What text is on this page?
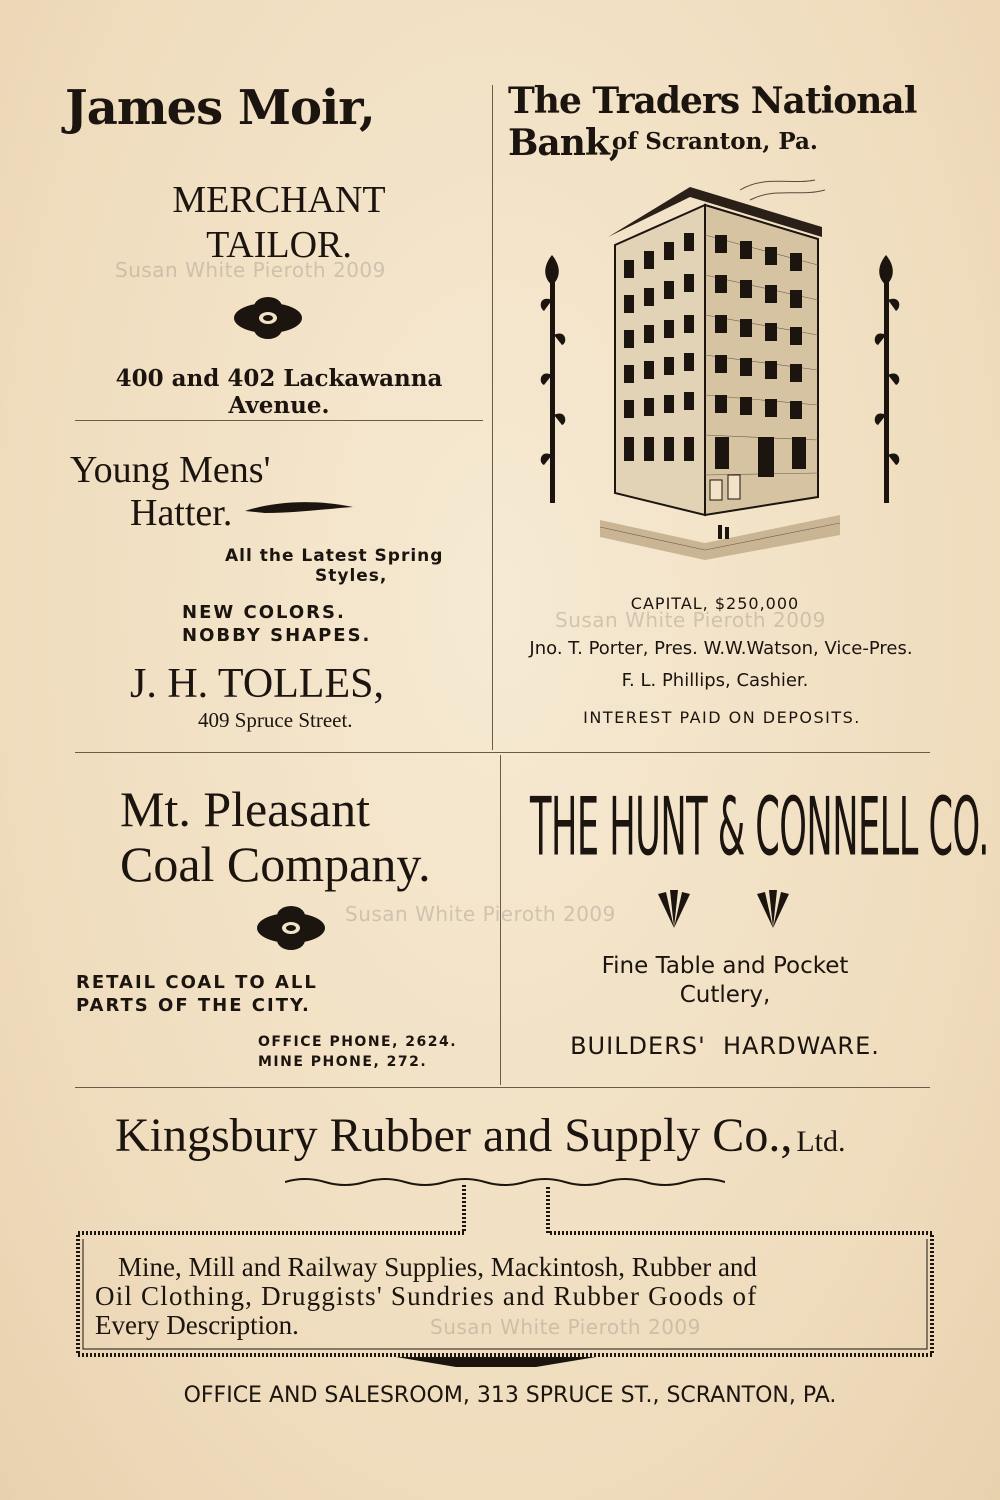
James Moir,
MERCHANT
TAILOR.
400 and 402 Lackawanna Avenue.
Young Mens'
Hatter.
All the Latest Spring
Styles,
NEW COLORS.
NOBBY SHAPES.
J. H. TOLLES,
409 Spruce Street.
The Traders National Bank,
of Scranton, Pa.
CAPITAL, $250,000
Jno. T. Porter, Pres. W.W.Watson, Vice-Pres.
F. L. Phillips, Cashier.
INTEREST PAID ON DEPOSITS.
Mt. Pleasant
Coal Company.
RETAIL COAL TO ALL
PARTS OF THE CITY.
OFFICE PHONE, 2624.
MINE PHONE, 272.
THE HUNT & CONNELL CO.
Fine Table and Pocket
Cutlery,
BUILDERS'  HARDWARE.
Kingsbury Rubber and Supply Co., Ltd.
Mine, Mill and Railway Supplies, Mackintosh, Rubber and
Oil Clothing, Druggists' Sundries and Rubber Goods of
Every Description.
OFFICE AND SALESROOM, 313 SPRUCE ST., SCRANTON, PA.
Susan White Pieroth 2009
Susan White Pieroth 2009
Susan White Pieroth 2009
Susan White Pieroth 2009
